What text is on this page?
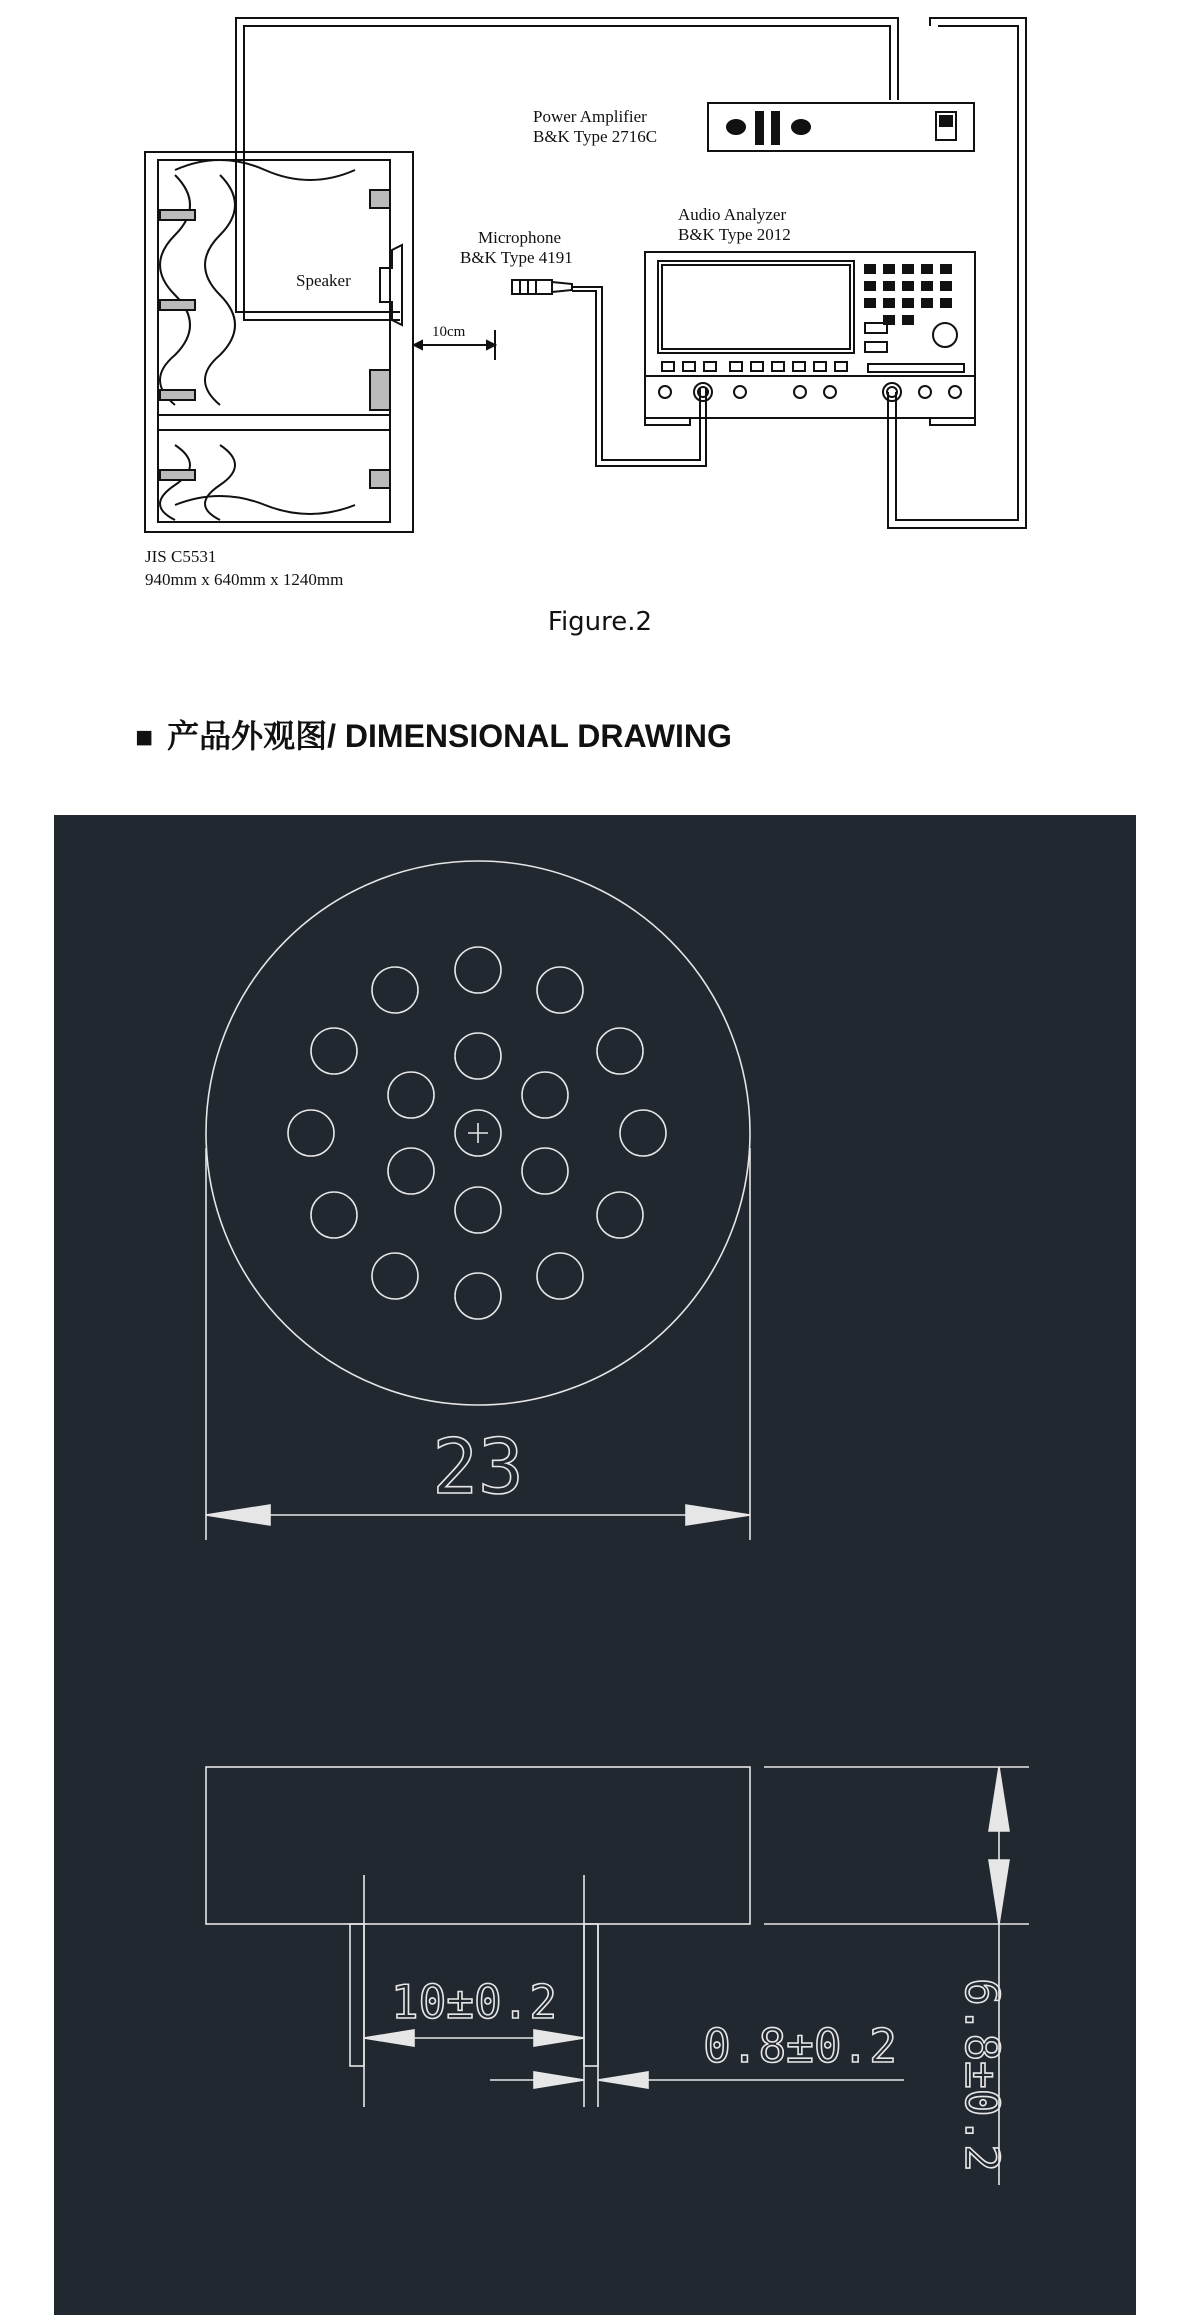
Power Amplifier
B&K Type 2716C
Audio Analyzer
B&K Type 2012
Microphone
B&K Type 4191
Speaker
10cm
JIS C5531
940mm x 640mm x 1240mm
Figure.2
■ 产品外观图/ DIMENSIONAL DRAWING
23
10±0.2
0.8±0.2 6.8±0.2
